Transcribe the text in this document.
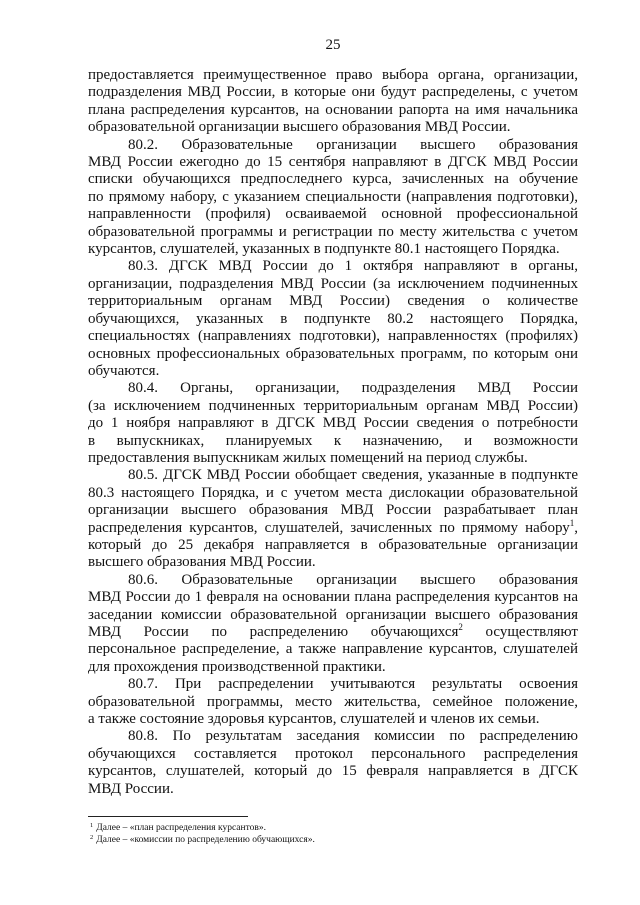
25
предоставляется преимущественное право выбора органа, организации,
подразделения МВД России, в которые они будут распределены, с учетом
плана распределения курсантов, на основании рапорта на имя начальника
образовательной организации высшего образования МВД России.
80.2. Образовательные организации высшего образования
МВД России ежегодно до 15 сентября направляют в ДГСК МВД России
списки обучающихся предпоследнего курса, зачисленных на обучение
по прямому набору, с указанием специальности (направления подготовки),
направленности (профиля) осваиваемой основной профессиональной
образовательной программы и регистрации по месту жительства с учетом
курсантов, слушателей, указанных в подпункте 80.1 настоящего Порядка.
80.3. ДГСК МВД России до 1 октября направляют в органы,
организации, подразделения МВД России (за исключением подчиненных
территориальным органам МВД России) сведения о количестве
обучающихся, указанных в подпункте 80.2 настоящего Порядка,
специальностях (направлениях подготовки), направленностях (профилях)
основных профессиональных образовательных программ, по которым они
обучаются.
80.4. Органы, организации, подразделения МВД России
(за исключением подчиненных территориальным органам МВД России)
до 1 ноября направляют в ДГСК МВД России сведения о потребности
в выпускниках, планируемых к назначению, и возможности
предоставления выпускникам жилых помещений на период службы.
80.5. ДГСК МВД России обобщает сведения, указанные в подпункте
80.3 настоящего Порядка, и с учетом места дислокации образовательной
организации высшего образования МВД России разрабатывает план
распределения курсантов, слушателей, зачисленных по прямому набору$^1$,
который до 25 декабря направляется в образовательные организации
высшего образования МВД России.
80.6. Образовательные организации высшего образования
МВД России до 1 февраля на основании плана распределения курсантов на
заседании комиссии образовательной организации высшего образования
МВД России по распределению обучающихся$^2$ осуществляют
персональное распределение, а также направление курсантов, слушателей
для прохождения производственной практики.
80.7. При распределении учитываются результаты освоения
образовательной программы, место жительства, семейное положение,
а также состояние здоровья курсантов, слушателей и членов их семьи.
80.8. По результатам заседания комиссии по распределению
обучающихся составляется протокол персонального распределения
курсантов, слушателей, который до 15 февраля направляется в ДГСК
МВД России.
$^1$ Далее – «план распределения курсантов».
$^2$ Далее – «комиссии по распределению обучающихся».
